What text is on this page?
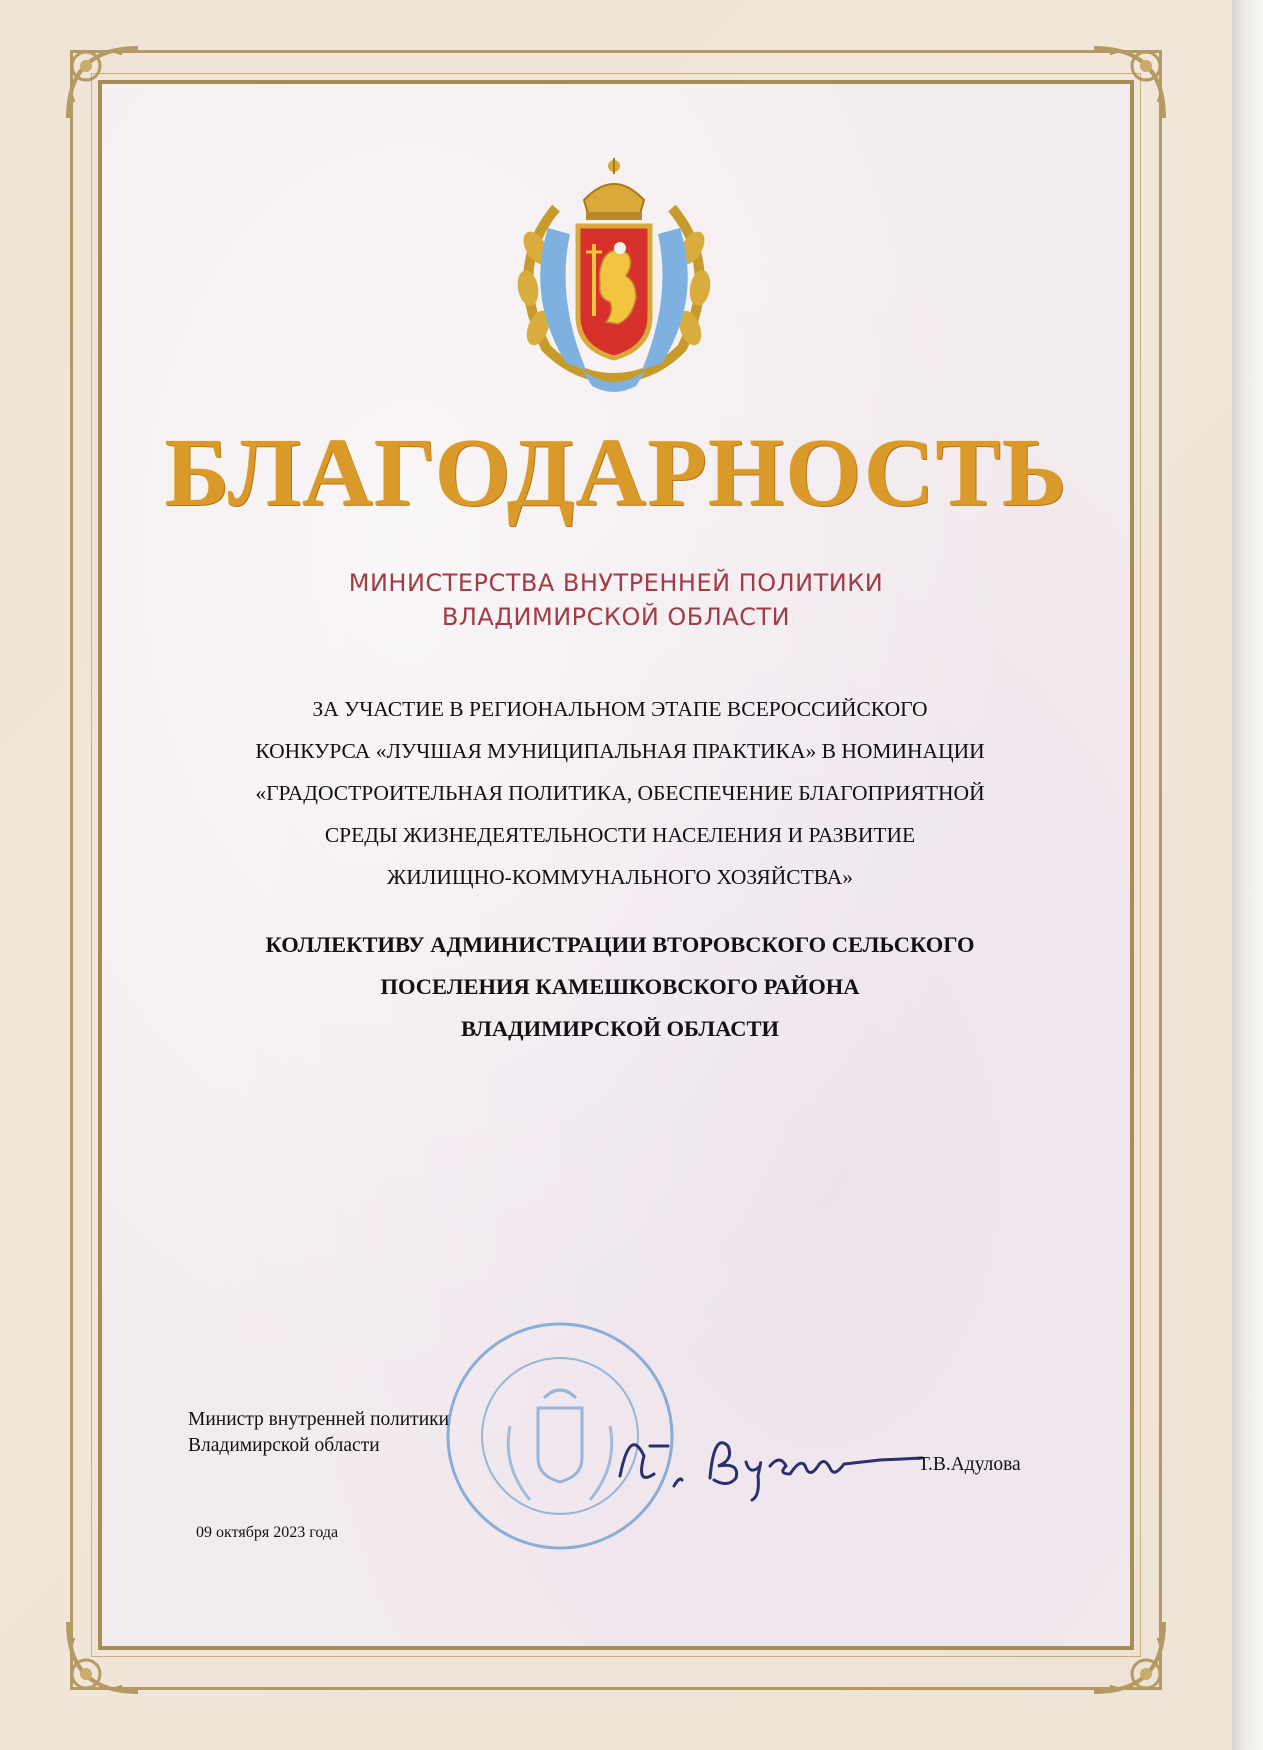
БЛАГОДАРНОСТЬ
МИНИСТЕРСТВА ВНУТРЕННЕЙ ПОЛИТИКИ
ВЛАДИМИРСКОЙ ОБЛАСТИ
ЗА УЧАСТИЕ В РЕГИОНАЛЬНОМ ЭТАПЕ ВСЕРОССИЙСКОГО
КОНКУРСА «ЛУЧШАЯ МУНИЦИПАЛЬНАЯ ПРАКТИКА» В НОМИНАЦИИ
«ГРАДОСТРОИТЕЛЬНАЯ ПОЛИТИКА, ОБЕСПЕЧЕНИЕ БЛАГОПРИЯТНОЙ
СРЕДЫ ЖИЗНЕДЕЯТЕЛЬНОСТИ НАСЕЛЕНИЯ И РАЗВИТИЕ
ЖИЛИЩНО-КОММУНАЛЬНОГО ХОЗЯЙСТВА»
КОЛЛЕКТИВУ АДМИНИСТРАЦИИ ВТОРОВСКОГО СЕЛЬСКОГО
ПОСЕЛЕНИЯ КАМЕШКОВСКОГО РАЙОНА
ВЛАДИМИРСКОЙ ОБЛАСТИ
Министр внутренней политики
Владимирской области
Т.В.Адулова
09 октября 2023 года
